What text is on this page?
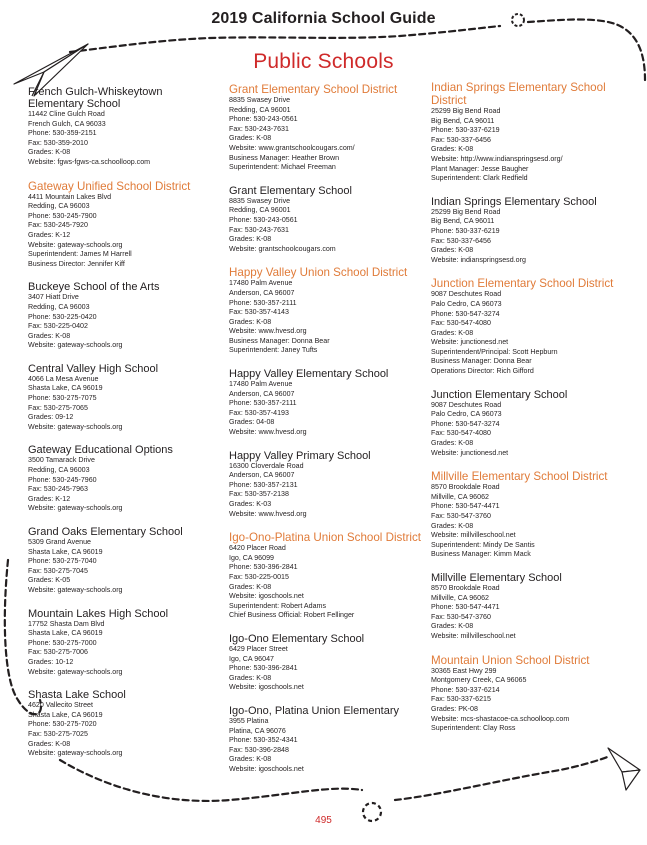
2019 California School Guide
Public Schools
French Gulch-Whiskeytown Elementary School
11442 Cline Gulch Road
French Gulch, CA 96033
Phone: 530-359-2151
Fax: 530-359-2010
Grades: K-08
Website: fgws-fgws-ca.schoolloop.com
Gateway Unified School District
4411 Mountain Lakes Blvd
Redding, CA 96003
Phone: 530-245-7900
Fax: 530-245-7920
Grades: K-12
Website: gateway-schools.org
Superintendent: James M Harrell
Business Director: Jennifer Kiff
Buckeye School of the Arts
3407 Hiatt Drive
Redding, CA 96003
Phone: 530-225-0420
Fax: 530-225-0402
Grades: K-08
Website: gateway-schools.org
Central Valley High School
4066 La Mesa Avenue
Shasta Lake, CA 96019
Phone: 530-275-7075
Fax: 530-275-7065
Grades: 09-12
Website: gateway-schools.org
Gateway Educational Options
3500 Tamarack Drive
Redding, CA 96003
Phone: 530-245-7960
Fax: 530-245-7963
Grades: K-12
Website: gateway-schools.org
Grand Oaks Elementary School
5309 Grand Avenue
Shasta Lake, CA 96019
Phone: 530-275-7040
Fax: 530-275-7045
Grades: K-05
Website: gateway-schools.org
Mountain Lakes High School
17752 Shasta Dam Blvd
Shasta Lake, CA 96019
Phone: 530-275-7000
Fax: 530-275-7006
Grades: 10-12
Website: gateway-schools.org
Shasta Lake School
4620 Vallecito Street
Shasta Lake, CA 96019
Phone: 530-275-7020
Fax: 530-275-7025
Grades: K-08
Website: gateway-schools.org
Grant Elementary School District
8835 Swasey Drive
Redding, CA 96001
Phone: 530-243-0561
Fax: 530-243-7631
Grades: K-08
Website: www.grantschoolcougars.com/
Business Manager: Heather Brown
Superintendent: Michael Freeman
Grant Elementary School
8835 Swasey Drive
Redding, CA 96001
Phone: 530-243-0561
Fax: 530-243-7631
Grades: K-08
Website: grantschoolcougars.com
Happy Valley Union School District
17480 Palm Avenue
Anderson, CA 96007
Phone: 530-357-2111
Fax: 530-357-4143
Grades: K-08
Website: www.hvesd.org
Business Manager: Donna Bear
Superintendent: Janey Tufts
Happy Valley Elementary School
17480 Palm Avenue
Anderson, CA 96007
Phone: 530-357-2111
Fax: 530-357-4193
Grades: 04-08
Website: www.hvesd.org
Happy Valley Primary School
16300 Cloverdale Road
Anderson, CA 96007
Phone: 530-357-2131
Fax: 530-357-2138
Grades: K-03
Website: www.hvesd.org
Igo-Ono-Platina Union School District
6420 Placer Road
Igo, CA 96099
Phone: 530-396-2841
Fax: 530-225-0015
Grades: K-08
Website: igoschools.net
Superintendent: Robert Adams
Chief Business Official: Robert Fellinger
Igo-Ono Elementary School
6429 Placer Street
Igo, CA 96047
Phone: 530-396-2841
Grades: K-08
Website: igoschools.net
Igo-Ono, Platina Union Elementary
3955 Platina
Platina, CA 96076
Phone: 530-352-4341
Fax: 530-396-2848
Grades: K-08
Website: igoschools.net
Indian Springs Elementary School District
25299 Big Bend Road
Big Bend, CA 96011
Phone: 530-337-6219
Fax: 530-337-6456
Grades: K-08
Website: http://www.indianspringsesd.org/
Plant Manager: Jesse Baugher
Superintendent: Clark Redfield
Indian Springs Elementary School
25299 Big Bend Road
Big Bend, CA 96011
Phone: 530-337-6219
Fax: 530-337-6456
Grades: K-08
Website: indianspringsesd.org
Junction Elementary School District
9087 Deschutes Road
Palo Cedro, CA 96073
Phone: 530-547-3274
Fax: 530-547-4080
Grades: K-08
Website: junctionesd.net
Superintendent/Principal: Scott Hepburn
Business Manager: Donna Bear
Operations Director: Rich Gifford
Junction Elementary School
9087 Deschutes Road
Palo Cedro, CA 96073
Phone: 530-547-3274
Fax: 530-547-4080
Grades: K-08
Website: junctionesd.net
Millville Elementary School District
8570 Brookdale Road
Millville, CA 96062
Phone: 530-547-4471
Fax: 530-547-3760
Grades: K-08
Website: millvilleschool.net
Superintendent: Mindy De Santis
Business Manager: Kimm Mack
Millville Elementary School
8570 Brookdale Road
Millville, CA 96062
Phone: 530-547-4471
Fax: 530-547-3760
Grades: K-08
Website: millvilleschool.net
Mountain Union School District
30365 East Hwy 299
Montgomery Creek, CA 96065
Phone: 530-337-6214
Fax: 530-337-6215
Grades: PK-08
Website: mcs-shastacoe-ca.schoolloop.com
Superintendent: Clay Ross
495
